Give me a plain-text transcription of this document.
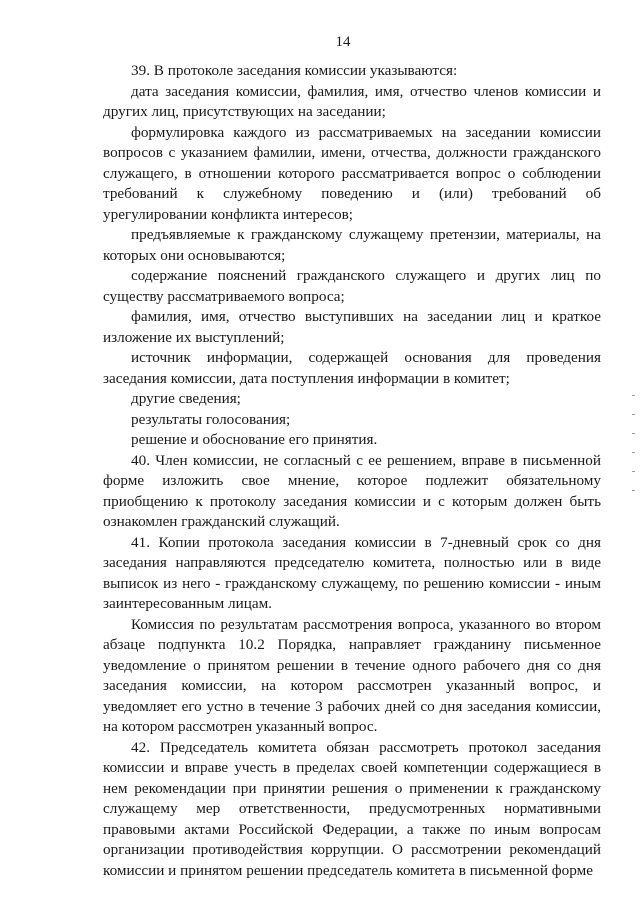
14

39. В протоколе заседания комиссии указываются:

дата заседания комиссии, фамилия, имя, отчество членов комиссии и других лиц, присутствующих на заседании;

формулировка каждого из рассматриваемых на заседании комиссии вопросов с указанием фамилии, имени, отчества, должности гражданского служащего, в отношении которого рассматривается вопрос о соблюдении требований к служебному поведению и (или) требований об урегулировании конфликта интересов;

предъявляемые к гражданскому служащему претензии, материалы, на которых они основываются;

содержание пояснений гражданского служащего и других лиц по существу рассматриваемого вопроса;

фамилия, имя, отчество выступивших на заседании лиц и краткое изложение их выступлений;

источник информации, содержащей основания для проведения заседания комиссии, дата поступления информации в комитет;

другие сведения;

результаты голосования;

решение и обоснование его принятия.

40. Член комиссии, не согласный с ее решением, вправе в письменной форме изложить свое мнение, которое подлежит обязательному приобщению к протоколу заседания комиссии и с которым должен быть ознакомлен гражданский служащий.

41. Копии протокола заседания комиссии в 7-дневный срок со дня заседания направляются председателю комитета, полностью или в виде выписок из него - гражданскому служащему, по решению комиссии - иным заинтересованным лицам.

Комиссия по результатам рассмотрения вопроса, указанного во втором абзаце подпункта 10.2 Порядка, направляет гражданину письменное уведомление о принятом решении в течение одного рабочего дня со дня заседания комиссии, на котором рассмотрен указанный вопрос, и уведомляет его устно в течение 3 рабочих дней со дня заседания комиссии, на котором рассмотрен указанный вопрос.

42. Председатель комитета обязан рассмотреть протокол заседания комиссии и вправе учесть в пределах своей компетенции содержащиеся в нем рекомендации при принятии решения о применении к гражданскому служащему мер ответственности, предусмотренных нормативными правовыми актами Российской Федерации, а также по иным вопросам организации противодействия коррупции. О рассмотрении рекомендаций комиссии и принятом решении председатель комитета в письменной форме
